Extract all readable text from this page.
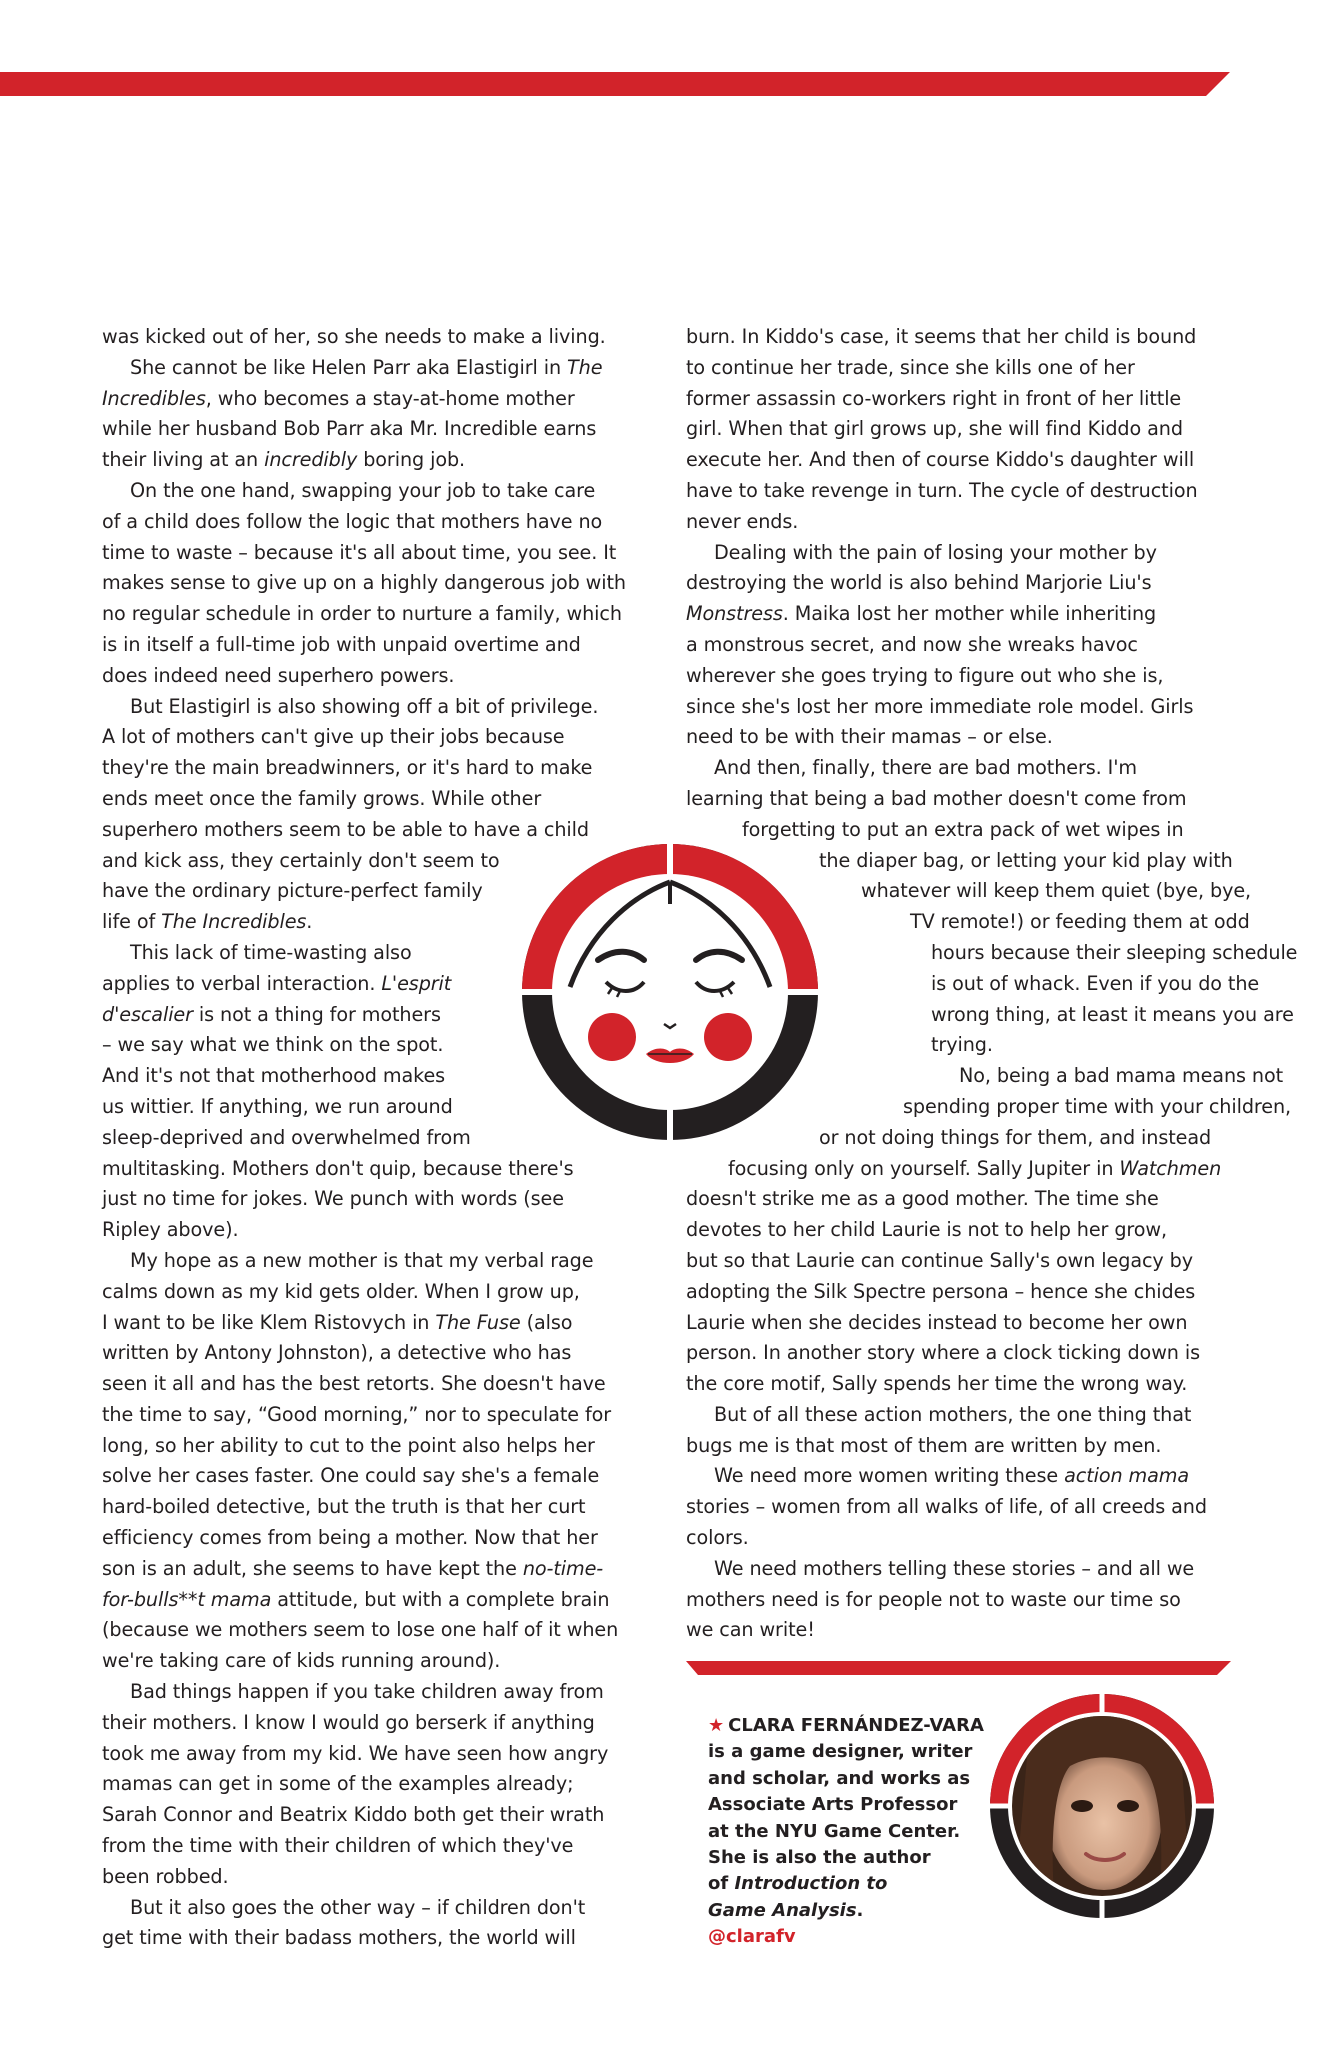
was kicked out of her, so she needs to make a living.
She cannot be like Helen Parr aka Elastigirl in The
Incredibles, who becomes a stay-at-home mother
while her husband Bob Parr aka Mr. Incredible earns
their living at an incredibly boring job.
On the one hand, swapping your job to take care
of a child does follow the logic that mothers have no
time to waste – because it's all about time, you see. It
makes sense to give up on a highly dangerous job with
no regular schedule in order to nurture a family, which
is in itself a full-time job with unpaid overtime and
does indeed need superhero powers.
But Elastigirl is also showing off a bit of privilege.
A lot of mothers can't give up their jobs because
they're the main breadwinners, or it's hard to make
ends meet once the family grows. While other
superhero mothers seem to be able to have a child
and kick ass, they certainly don't seem to
have the ordinary picture-perfect family
life of The Incredibles.
This lack of time-wasting also
applies to verbal interaction. L'esprit
d'escalier is not a thing for mothers
– we say what we think on the spot.
And it's not that motherhood makes
us wittier. If anything, we run around
sleep-deprived and overwhelmed from
multitasking. Mothers don't quip, because there's
just no time for jokes. We punch with words (see
Ripley above).
My hope as a new mother is that my verbal rage
calms down as my kid gets older. When I grow up,
I want to be like Klem Ristovych in The Fuse (also
written by Antony Johnston), a detective who has
seen it all and has the best retorts. She doesn't have
the time to say, “Good morning,” nor to speculate for
long, so her ability to cut to the point also helps her
solve her cases faster. One could say she's a female
hard-boiled detective, but the truth is that her curt
efficiency comes from being a mother. Now that her
son is an adult, she seems to have kept the no-time-
for-bulls**t mama attitude, but with a complete brain
(because we mothers seem to lose one half of it when
we're taking care of kids running around).
Bad things happen if you take children away from
their mothers. I know I would go berserk if anything
took me away from my kid. We have seen how angry
mamas can get in some of the examples already;
Sarah Connor and Beatrix Kiddo both get their wrath
from the time with their children of which they've
been robbed.
But it also goes the other way – if children don't
get time with their badass mothers, the world will
burn. In Kiddo's case, it seems that her child is bound
to continue her trade, since she kills one of her
former assassin co-workers right in front of her little
girl. When that girl grows up, she will find Kiddo and
execute her. And then of course Kiddo's daughter will
have to take revenge in turn. The cycle of destruction
never ends.
Dealing with the pain of losing your mother by
destroying the world is also behind Marjorie Liu's
Monstress. Maika lost her mother while inheriting
a monstrous secret, and now she wreaks havoc
wherever she goes trying to figure out who she is,
since she's lost her more immediate role model. Girls
need to be with their mamas – or else.
And then, finally, there are bad mothers. I'm
learning that being a bad mother doesn't come from
forgetting to put an extra pack of wet wipes in
the diaper bag, or letting your kid play with
whatever will keep them quiet (bye, bye,
TV remote!) or feeding them at odd
hours because their sleeping schedule
is out of whack. Even if you do the
wrong thing, at least it means you are
trying.
No, being a bad mama means not
spending proper time with your children,
or not doing things for them, and instead
focusing only on yourself. Sally Jupiter in Watchmen
doesn't strike me as a good mother. The time she
devotes to her child Laurie is not to help her grow,
but so that Laurie can continue Sally's own legacy by
adopting the Silk Spectre persona – hence she chides
Laurie when she decides instead to become her own
person. In another story where a clock ticking down is
the core motif, Sally spends her time the wrong way.
But of all these action mothers, the one thing that
bugs me is that most of them are written by men.
We need more women writing these action mama
stories – women from all walks of life, of all creeds and
colors.
We need mothers telling these stories – and all we
mothers need is for people not to waste our time so
we can write!
★ CLARA FERNÁNDEZ-VARA
is a game designer, writer
and scholar, and works as
Associate Arts Professor
at the NYU Game Center.
She is also the author
of Introduction to
Game Analysis.
@clarafv
